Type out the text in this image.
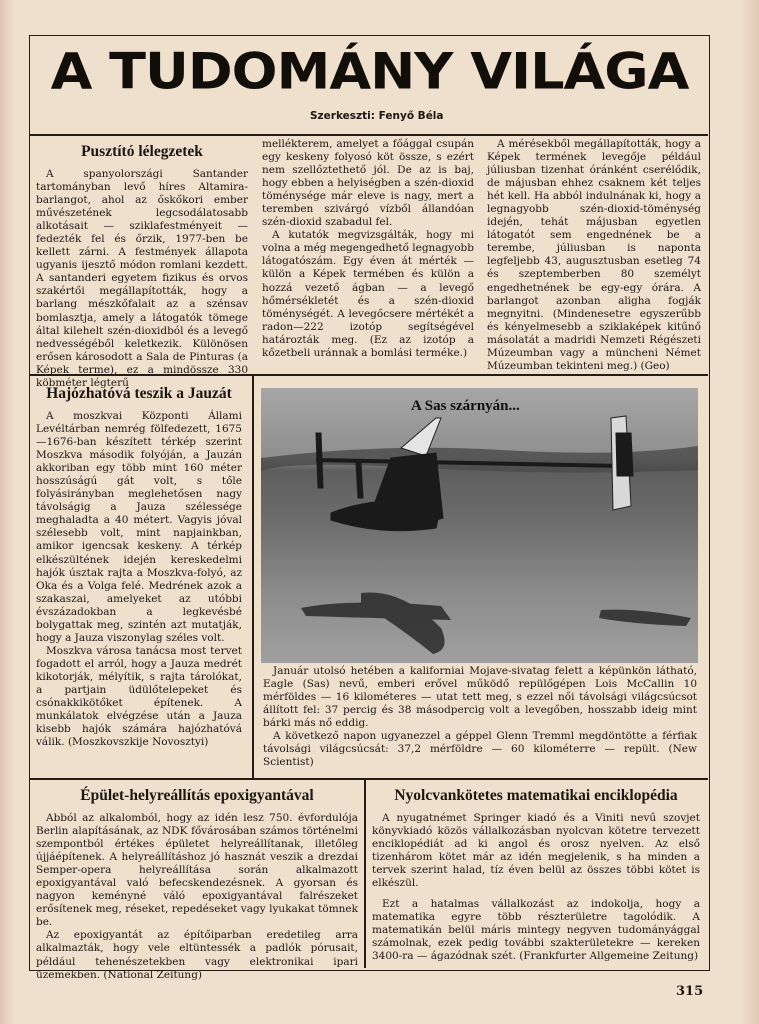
A TUDOMÁNY VILÁGA
Szerkeszti: Fenyő Béla
Pusztító lélegzetek

A spanyolországi Santander tartományban levő híres Altamira-barlangot, ahol az őskőkori ember művészetének legcsodálatosabb alkotásait — sziklafestményeit — fedezték fel és őrzik, 1977-ben be kellett zárni. A festmények állapota ugyanis ijesztő módon romlani kezdett. A santanderi egyetem fizikus és orvos szakértői megállapították, hogy a barlang mészkőfalait az a szénsav bomlasztja, amely a látogatók tömege által kilehelt szén-dioxidból és a levegő nedvességéből keletkezik. Különösen erősen károsodott a Sala de Pinturas (a Képek terme), ez a mindössze 330 köbméter légterű

mellékterem, amelyet a főággal csupán egy keskeny folyosó köt össze, s ezért nem szellőztethető jól. De az is baj, hogy ebben a helyiségben a szén-dioxid töménysége már eleve is nagy, mert a teremben szivárgó vízből állandóan szén-dioxid szabadul fel.

A kutatók megvizsgálták, hogy mi volna a még megengedhető legnagyobb látogatószám. Egy éven át mérték — külön a Képek termében és külön a hozzá vezető ágban — a levegő hőmérsékletét és a szén-dioxid töménységét. A levegőcsere mértékét a radon—222 izotóp segítségével határozták meg. (Ez az izotóp a kőzetbeli uránnak a bomlási terméke.)

A mérésekből megállapították, hogy a Képek termének levegője például júliusban tizenhat óránként cserélődik, de májusban ehhez csaknem két teljes hét kell. Ha abból indulnának ki, hogy a legnagyobb szén-dioxid-töménység idején, tehát májusban egyetlen látogatót sem engednének be a terembe, júliusban is naponta legfeljebb 43, augusztusban esetleg 74 és szeptemberben 80 személyt engedhetnének be egy-egy órára. A barlangot azonban aligha fogják megnyitni. (Mindenesetre egyszerűbb és kényelmesebb a sziklaképek kitűnő másolatát a madridi Nemzeti Régészeti Múzeumban vagy a müncheni Német Múzeumban tekinteni meg.) (Geo)

Hajózhatóvá teszik a Jauzát

A moszkvai Központi Állami Levéltárban nemrég fölfedezett, 1675—1676-ban készített térkép szerint Moszkva második folyóján, a Jauzán akkoriban egy több mint 160 méter hosszúságú gát volt, s tőle folyásirányban meglehetősen nagy távolságig a Jauza szélessége meghaladta a 40 métert. Vagyis jóval szélesebb volt, mint napjainkban, amikor igencsak keskeny. A térkép elkészültének idején kereskedelmi hajók úsztak rajta a Moszkva-folyó, az Oka és a Volga felé. Medrének azok a szakaszai, amelyeket az utóbbi évszázadokban a legkevésbé bolygattak meg, szintén azt mutatják, hogy a Jauza viszonylag széles volt.

Moszkva városa tanácsa most tervet fogadott el arról, hogy a Jauza medrét kikotorják, mélyítik, s rajta tárolókat, a partjain üdülőtelepeket és csónakkikötőket építenek. A munkálatok elvégzése után a Jauza kisebb hajók számára hajózhatóvá válik. (Moszkovszkije Novosztyi)

A Sas szárnyán...

Január utolsó hetében a kaliforniai Mojave-sivatag felett a képünkön látható, Eagle (Sas) nevű, emberi erővel működő repülőgépen Lois McCallin 10 mérföldes — 16 kilométeres — utat tett meg, s ezzel női távolsági világcsúcsot állított fel: 37 percig és 38 másodpercig volt a levegőben, hosszabb ideig mint bárki más nő eddig.

A következő napon ugyanezzel a géppel Glenn Tremml megdöntötte a férfiak távolsági világcsúcsát: 37,2 mérföldre — 60 kilométerre — repült. (New Scientist)

Épület-helyreállítás epoxigyantával

Abból az alkalomból, hogy az idén lesz 750. évfordulója Berlin alapításának, az NDK fővárosában számos történelmi szempontból értékes épületet helyreállítanak, illetőleg újjáépítenek. A helyreállításhoz jó hasznát veszik a drezdai Semper-opera helyreállítása során alkalmazott epoxigyantával való befecskendezésnek. A gyorsan és nagyon keményné váló epoxigyantával falrészeket erősítenek meg, réseket, repedéseket vagy lyukakat tömnek be.

Az epoxigyantát az építőiparban eredetileg arra alkalmazták, hogy vele eltüntessék a padlók pórusait, például tehenészetekben vagy elektronikai ipari üzemekben. (National Zeitung)

Nyolcvankötetes matematikai enciklopédia

A nyugatnémet Springer kiadó és a Viniti nevű szovjet könyvkiadó közös vállalkozásban nyolcvan kötetre tervezett enciklopédiát ad ki angol és orosz nyelven. Az első tizenhárom kötet már az idén megjelenik, s ha minden a tervek szerint halad, tíz éven belül az összes többi kötet is elkészül.

Ezt a hatalmas vállalkozást az indokolja, hogy a matematika egyre több részterületre tagolódik. A matematikán belül máris mintegy negyven tudományággal számolnak, ezek pedig további szakterületekre — kereken 3400-ra — ágazódnak szét. (Frankfurter Allgemeine Zeitung)

315
